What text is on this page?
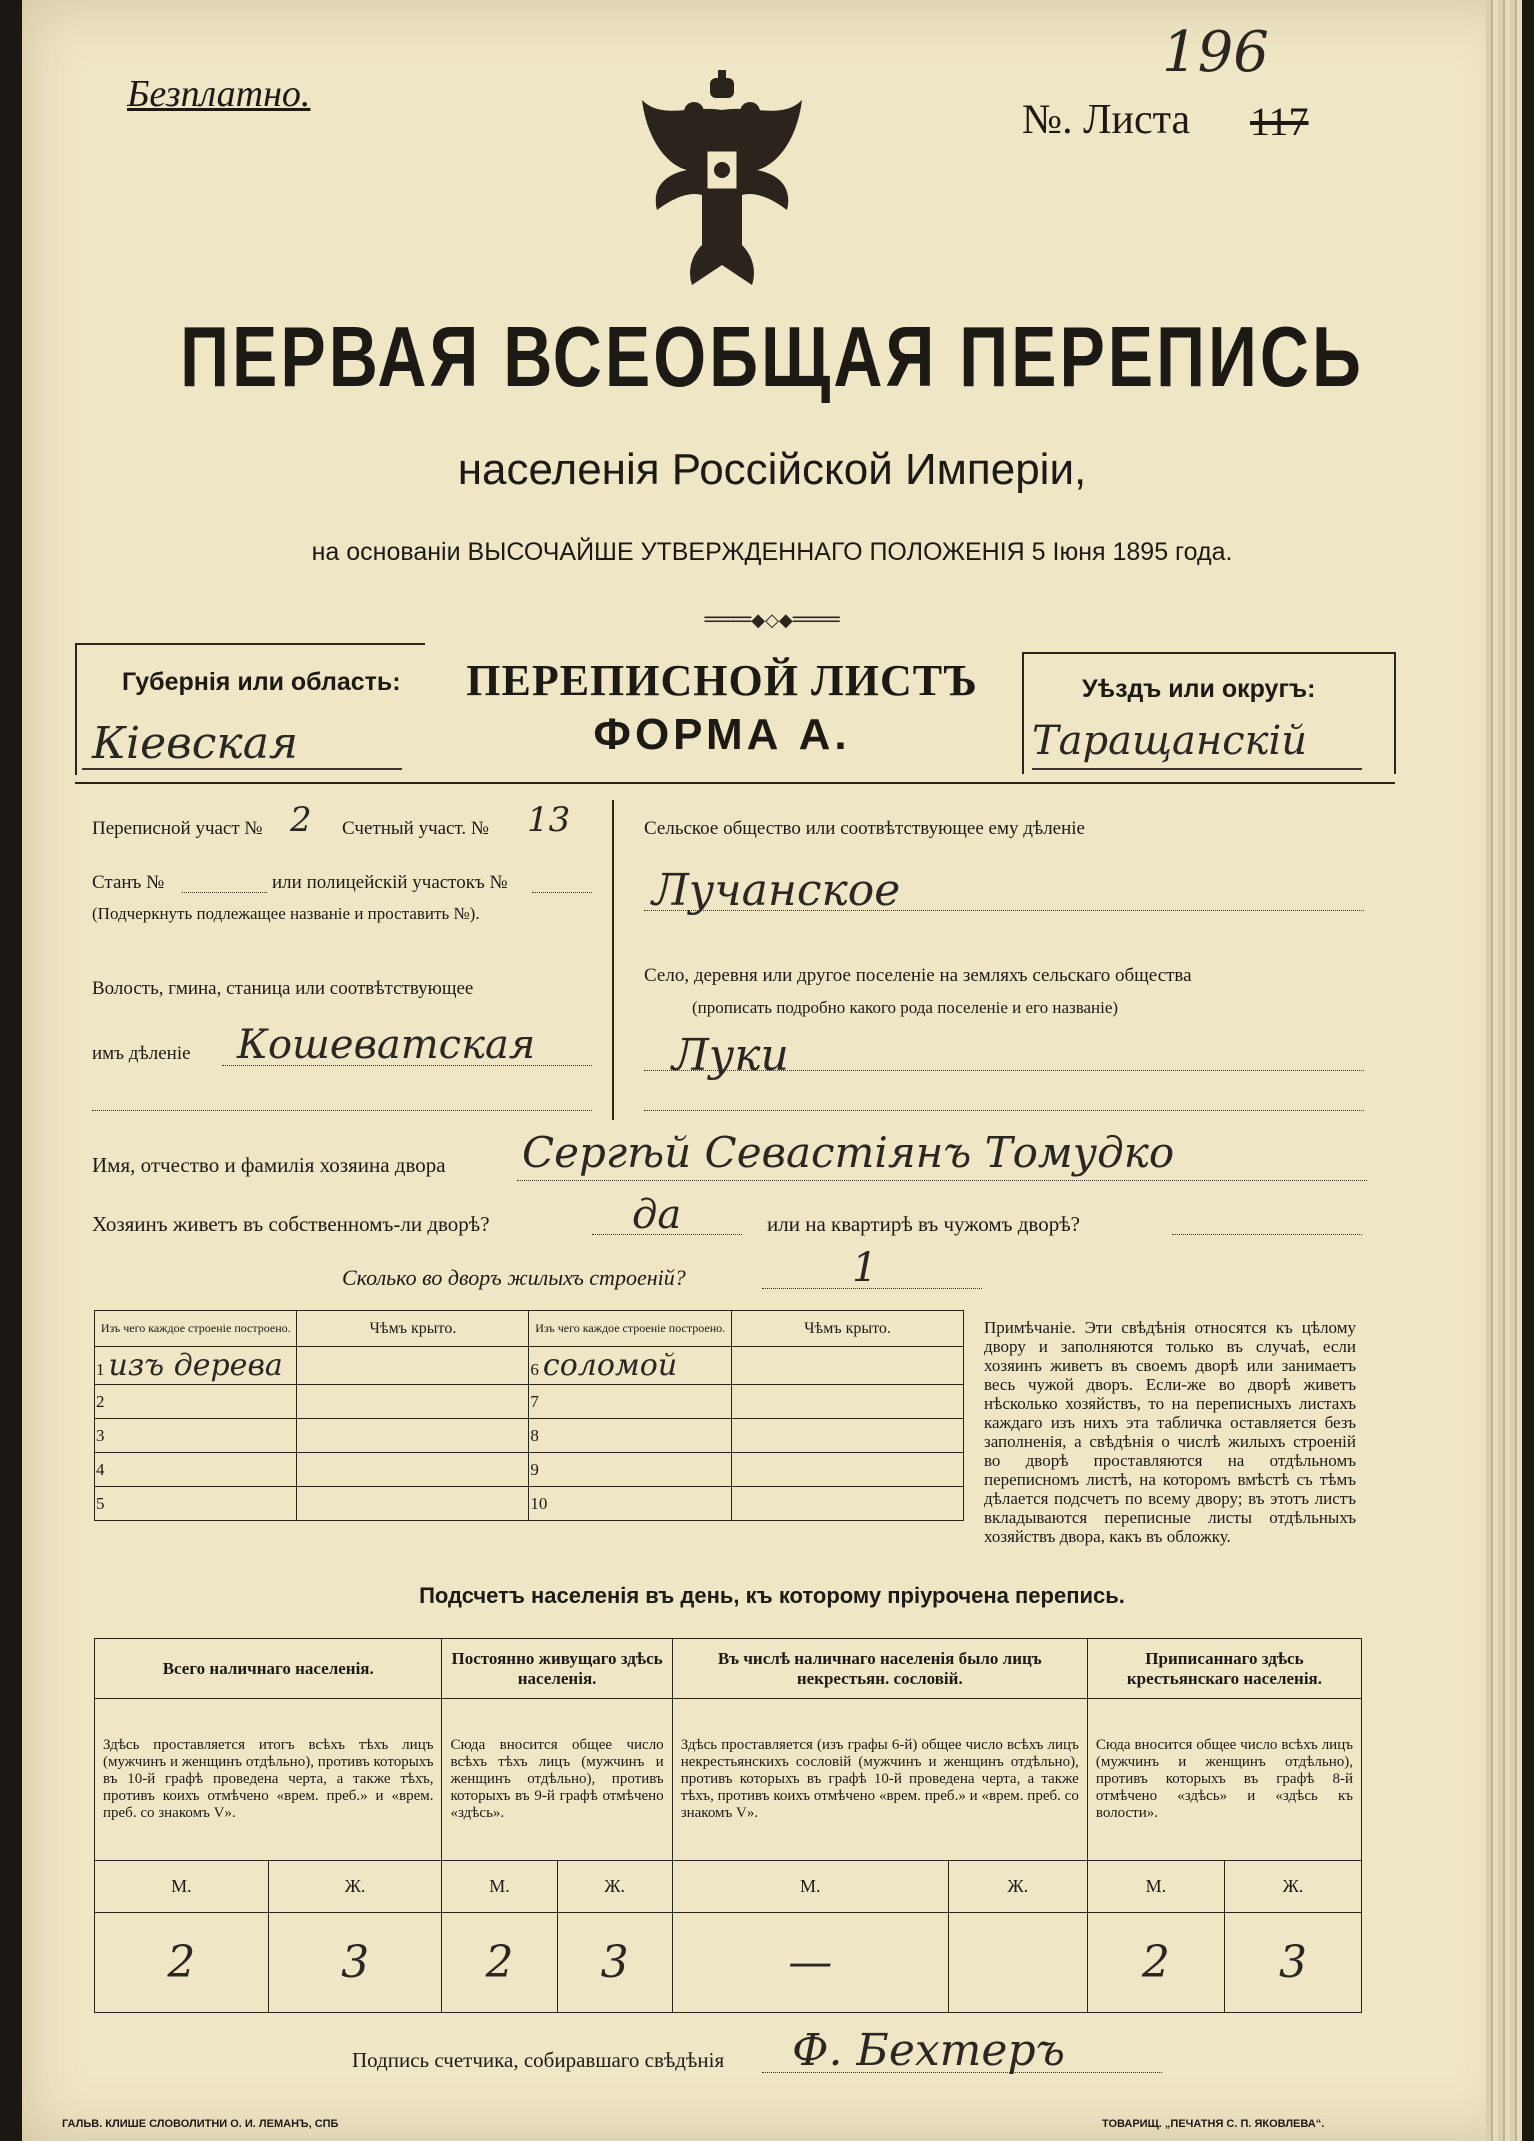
Безплатно.
№. Листа 117
196
ПЕРВАЯ ВСЕОБЩАЯ ПЕРЕПИСЬ
населенія Россійской Имперіи,
на основаніи ВЫСОЧАЙШЕ УТВЕРЖДЕННАГО ПОЛОЖЕНІЯ 5 Іюня 1895 года.
═══◆◇◆═══
Губернія или область:
Кіевская
ПЕРЕПИСНОЙ ЛИСТЪ
ФОРМА А.
Уѣздъ или округъ:
Таращанскій
Переписной участ № 2 Счетный участ. № 13
Станъ №	или полицейскій участокъ №
(Подчеркнуть подлежащее названіе и проставить №).
Волость, гмина, станица или соотвѣтствующее
имъ дѣленіе Кошеватская
Сельское общество или соотвѣтствующее ему дѣленіе
Лучанское
Село, деревня или другое поселеніе на земляхъ сельскаго общества
(прописать подробно какого рода поселеніе и его названіе)
Луки
Имя, отчество и фамилія хозяина двора Сергѣй Севастіянъ Томудко
Хозяинъ живетъ въ собственномъ-ли дворѣ?	да	или на квартирѣ въ чужомъ дворѣ?
Сколько во дворъ жилыхъ строеній?	1
Изъ чего каждое строеніе построено.	Чѣмъ крыто.	Изъ чего каждое строеніе построено.	Чѣмъ крыто.
1 изъ дерева		6 соломой	
2		7	
3		8	
4		9	
5		10	
Примѣчаніе. Эти свѣдѣнія относятся къ цѣлому двору и заполняются только въ случаѣ, если хозяинъ живетъ въ своемъ дворѣ или занимаетъ весь чужой дворъ. Если-же во дворѣ живетъ нѣсколько хозяйствъ, то на переписныхъ листахъ каждаго изъ нихъ эта табличка оставляется безъ заполненія, а свѣдѣнія о числѣ жилыхъ строеній во дворѣ проставляются на отдѣльномъ переписномъ листѣ, на которомъ вмѣстѣ съ тѣмъ дѣлается подсчетъ по всему двору; въ этотъ листъ вкладываются переписные листы отдѣльныхъ хозяйствъ двора, какъ въ обложку.
Подсчетъ населенія въ день, къ которому пріурочена перепись.
Всего наличнаго населенія.		Постоянно живущаго здѣсь населенія.		Въ числѣ наличнаго населенія было лицъ некрестьян. сословій.		Приписаннаго здѣсь крестьянскаго населенія.	
Здѣсь проставляется итогъ всѣхъ тѣхъ лицъ (мужчинъ и женщинъ отдѣльно), противъ которыхъ въ 10-й графѣ проведена черта, а также тѣхъ, противъ коихъ отмѣчено «врем. преб.» и «врем. преб. со знакомъ V».		Сюда вносится общее число всѣхъ тѣхъ лицъ (мужчинъ и женщинъ отдѣльно), противъ которыхъ въ 9-й графѣ отмѣчено «здѣсь».		Здѣсь проставляется (изъ графы 6-й) общее число всѣхъ лицъ некрестьянскихъ сословій (мужчинъ и женщинъ отдѣльно), противъ которыхъ въ графѣ 10-й проведена черта, а также тѣхъ, противъ коихъ отмѣчено «врем. преб.» и «врем. преб. со знакомъ V».		Сюда вносится общее число всѣхъ лицъ (мужчинъ и женщинъ отдѣльно), противъ которыхъ въ графѣ 8-й отмѣчено «здѣсь» и «здѣсь къ волости».	
М.	Ж.	М.	Ж.	М.	Ж.	М.	Ж.
2	3	2	3	—		2	3
Подпись счетчика, собиравшаго свѣдѣнія Ф. Бехтеръ
ГАЛЬВ. КЛИШЕ СЛОВОЛИТНИ О. И. ЛЕМАНЪ, СПБ	ТОВАРИЩ. „ПЕЧАТНЯ С. П. ЯКОВЛЕВА“.
